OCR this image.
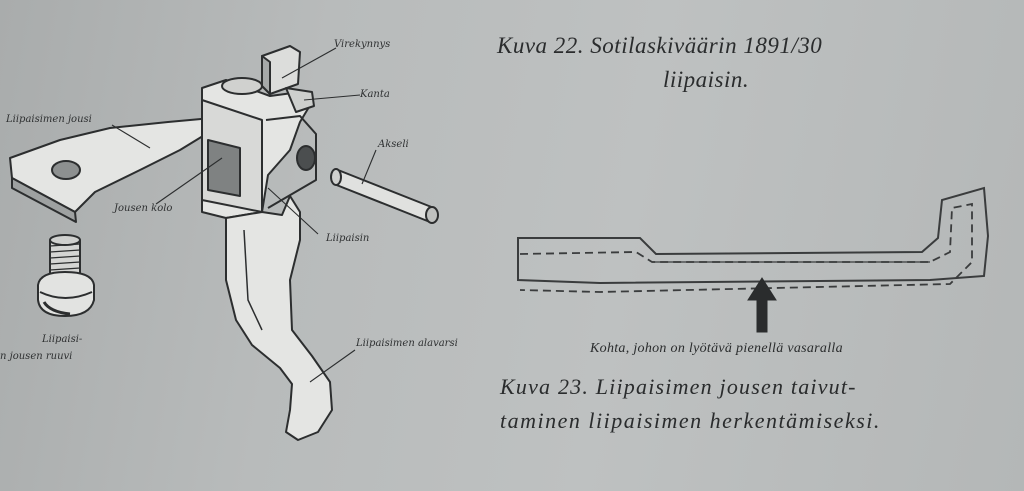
Virekynnys
Kanta
Liipaisimen jousi
Akseli
Jousen kolo
Liipaisin
Liipaisi-
n jousen ruuvi
Liipaisimen alavarsi
Kuva 22. Sotilaskiväärin 1891/30
liipaisin.
Kohta, johon on lyötävä pienellä vasaralla
Kuva 23. Liipaisimen jousen taivut-
taminen liipaisimen herkentämiseksi.
